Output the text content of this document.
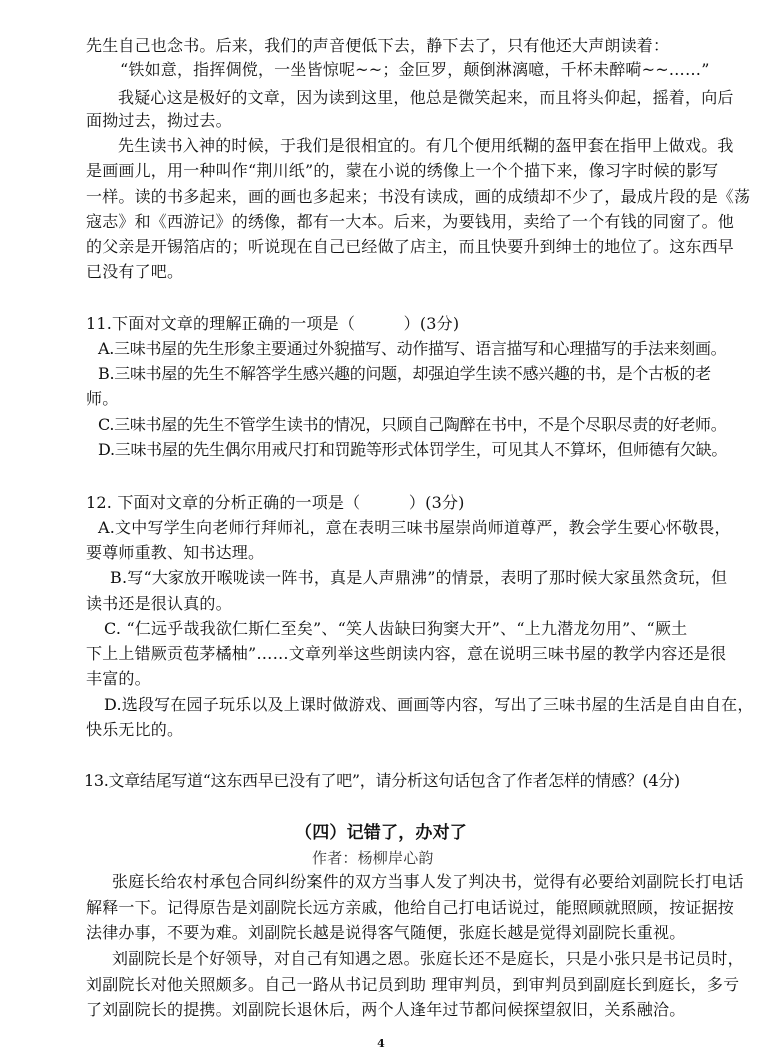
先生自己也念书。后来，我们的声音便低下去，静下去了，只有他还大声朗读着：
“铁如意，指挥倜傥，一坐皆惊呢~~；金叵罗，颠倒淋漓噫，千杯未醉嗬~~……”
我疑心这是极好的文章，因为读到这里，他总是微笑起来，而且将头仰起，摇着，向后
面拗过去，拗过去。
先生读书入神的时候，于我们是很相宜的。有几个便用纸糊的盔甲套在指甲上做戏。我
是画画儿，用一种叫作“荆川纸”的，蒙在小说的绣像上一个个描下来，像习字时候的影写
一样。读的书多起来，画的画也多起来；书没有读成，画的成绩却不少了，最成片段的是《荡
寇志》和《西游记》的绣像，都有一大本。后来，为要钱用，卖给了一个有钱的同窗了。他
的父亲是开锡箔店的；听说现在自己已经做了店主，而且快要升到绅士的地位了。这东西早
已没有了吧。
11.下面对文章的理解正确的一项是（　　　）(3分)
A.三味书屋的先生形象主要通过外貌描写、动作描写、语言描写和心理描写的手法来刻画。
B.三味书屋的先生不解答学生感兴趣的问题，却强迫学生读不感兴趣的书，是个古板的老
师。
C.三味书屋的先生不管学生读书的情况，只顾自己陶醉在书中，不是个尽职尽责的好老师。
D.三味书屋的先生偶尔用戒尺打和罚跪等形式体罚学生，可见其人不算坏，但师德有欠缺。
12. 下面对文章的分析正确的一项是（　　　）(3分)
A.文中写学生向老师行拜师礼，意在表明三味书屋崇尚师道尊严，教会学生要心怀敬畏，
要尊师重教、知书达理。
B.写“大家放开喉咙读一阵书，真是人声鼎沸”的情景，表明了那时候大家虽然贪玩，但
读书还是很认真的。
C. “仁远乎哉我欲仁斯仁至矣”、“笑人齿缺曰狗窦大开”、“上九潜龙勿用”、“厥土
下上上错厥贡苞茅橘柚”……文章列举这些朗读内容，意在说明三味书屋的教学内容还是很
丰富的。
D.选段写在园子玩乐以及上课时做游戏、画画等内容，写出了三味书屋的生活是自由自在，
快乐无比的。
13.文章结尾写道“这东西早已没有了吧”，请分析这句话包含了作者怎样的情感？(4分)
（四）记错了，办对了
作者：杨柳岸心韵
张庭长给农村承包合同纠纷案件的双方当事人发了判决书，觉得有必要给刘副院长打电话
解释一下。记得原告是刘副院长远方亲戚，他给自己打电话说过，能照顾就照顾，按证据按
法律办事，不要为难。刘副院长越是说得客气随便，张庭长越是觉得刘副院长重视。
刘副院长是个好领导，对自己有知遇之恩。张庭长还不是庭长，只是小张只是书记员时，
刘副院长对他关照颇多。自己一路从书记员到助 理审判员，到审判员到副庭长到庭长，多亏
了刘副院长的提携。刘副院长退休后，两个人逢年过节都问候探望叙旧，关系融洽。
4
